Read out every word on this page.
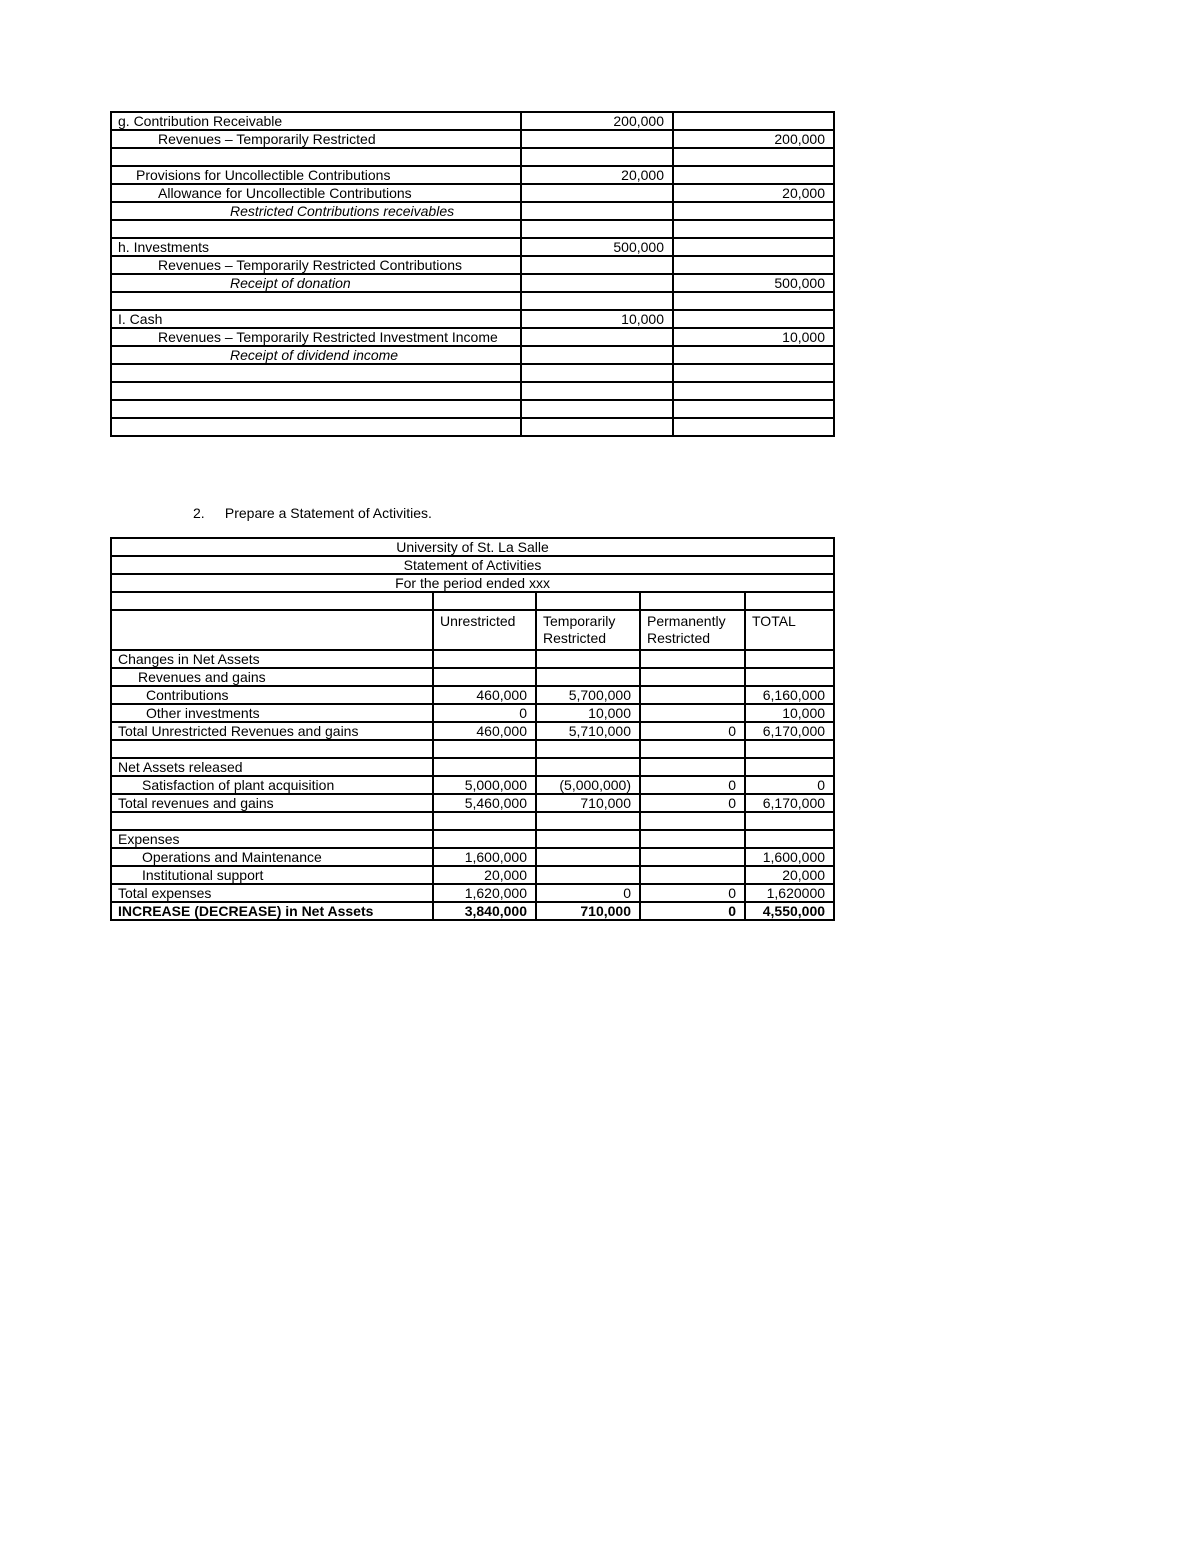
g. Contribution Receivable	200,000	
Revenues – Temporarily Restricted		200,000

Provisions for Uncollectible Contributions	20,000	
Allowance for Uncollectible Contributions		20,000
Restricted Contributions receivables		

h. Investments	500,000	
Revenues – Temporarily Restricted Contributions		
Receipt of donation		500,000

I. Cash	10,000	
Revenues – Temporarily Restricted Investment Income		10,000
Receipt of dividend income		

2. Prepare a Statement of Activities.
University of St. La Salle				
Statement of Activities				
For the period ended xxx				

	Unrestricted	Temporarily Restricted	Permanently Restricted	TOTAL
Changes in Net Assets				
Revenues and gains				
Contributions	460,000	5,700,000		6,160,000
Other investments	0	10,000		10,000
Total Unrestricted Revenues and gains	460,000	5,710,000	0	6,170,000

Net Assets released				
Satisfaction of plant acquisition	5,000,000	(5,000,000)	0	0
Total revenues and gains	5,460,000	710,000	0	6,170,000

Expenses				
Operations and Maintenance	1,600,000			1,600,000
Institutional support	20,000			20,000
Total expenses	1,620,000	0	0	1,620000
INCREASE (DECREASE) in Net Assets	3,840,000	710,000	0	4,550,000
